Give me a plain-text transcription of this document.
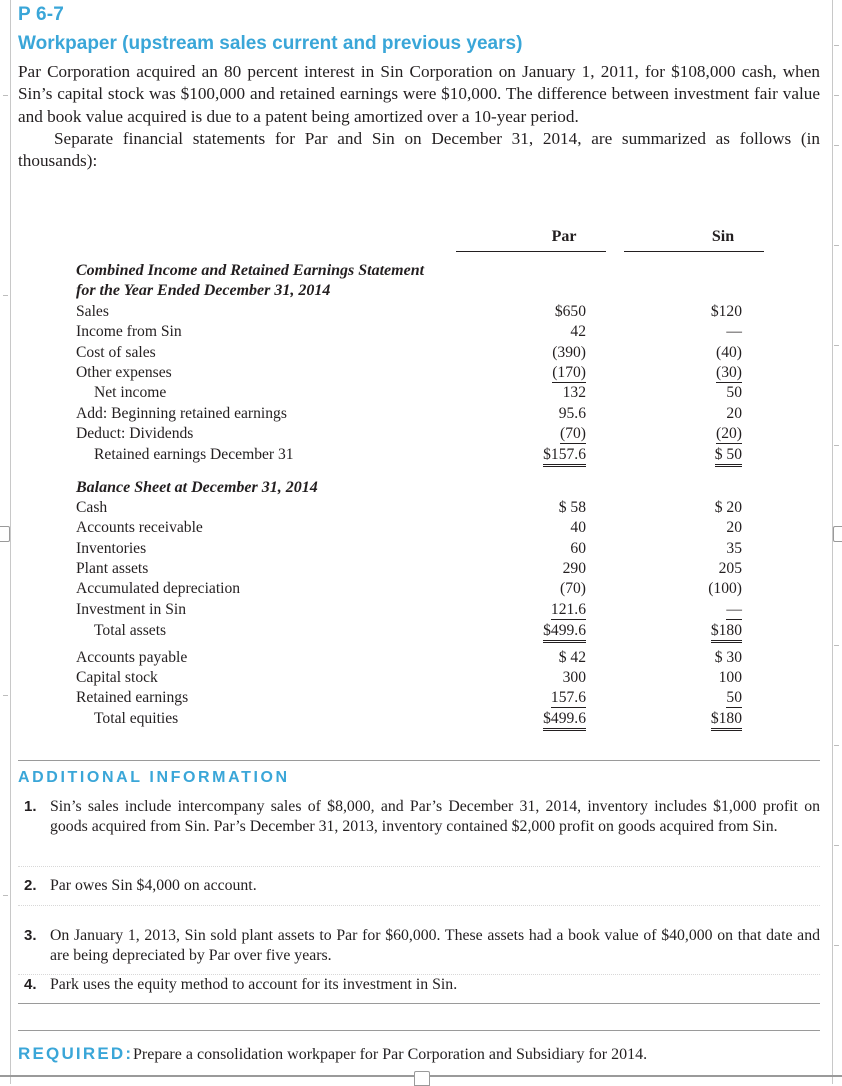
P 6-7
Workpaper (upstream sales current and previous years)

Par Corporation acquired an 80 percent interest in Sin Corporation on January 1, 2011, for $108,000 cash, when Sin’s capital stock was $100,000 and retained earnings were $10,000. The difference between investment fair value and book value acquired is due to a patent being amortized over a 10-year period.

Separate financial statements for Par and Sin on December 31, 2014, are summarized as follows (in thousands):

Par	Sin
Combined Income and Retained Earnings Statement
for the Year Ended December 31, 2014
Sales	$650	$120
Income from Sin	42	—
Cost of sales	(390)	(40)
Other expenses	(170)	(30)
Net income	132	50
Add: Beginning retained earnings	95.6	20
Deduct: Dividends	(70)	(20)
Retained earnings December 31	$157.6	$ 50
Balance Sheet at December 31, 2014
Cash	$ 58	$ 20
Accounts receivable	40	20
Inventories	60	35
Plant assets	290	205
Accumulated depreciation	(70)	(100)
Investment in Sin	121.6	—
Total assets	$499.6	$180
Accounts payable	$ 42	$ 30
Capital stock	300	100
Retained earnings	157.6	50
Total equities	$499.6	$180
ADDITIONAL INFORMATION
1. Sin’s sales include intercompany sales of $8,000, and Par’s December 31, 2014, inventory includes $1,000 profit on goods acquired from Sin. Par’s December 31, 2013, inventory contained $2,000 profit on goods acquired from Sin.
2. Par owes Sin $4,000 on account.
3. On January 1, 2013, Sin sold plant assets to Par for $60,000. These assets had a book value of $40,000 on that date and are being depreciated by Par over five years.
4. Park uses the equity method to account for its investment in Sin.
REQUIRED: Prepare a consolidation workpaper for Par Corporation and Subsidiary for 2014.
